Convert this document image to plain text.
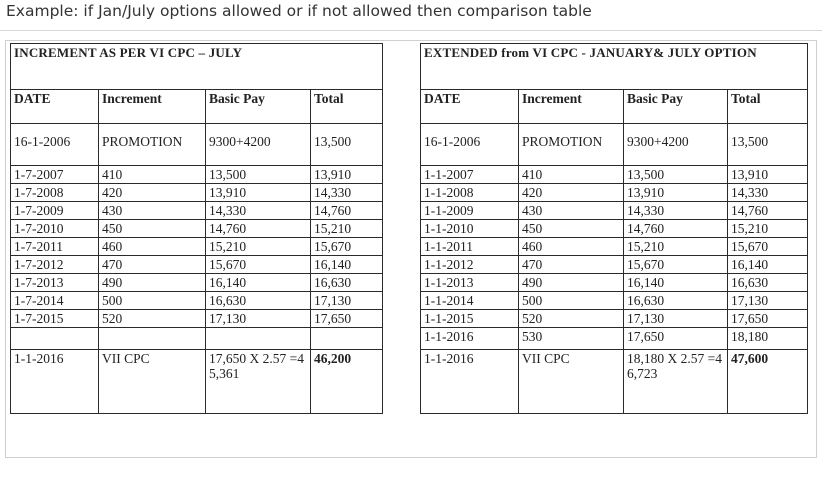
Example: if Jan/July options allowed or if not allowed then comparison table
INCREMENT AS PER VI CPC – JULY					EXTENDED from VI CPC - JANUARY& JULY OPTION			
DATE	Increment	Basic Pay	Total		DATE	Increment	Basic Pay	Total
16-1-2006	PROMOTION	9300+4200	13,500		16-1-2006	PROMOTION	9300+4200	13,500
1-7-2007	410	13,500	13,910		1-1-2007	410	13,500	13,910
1-7-2008	420	13,910	14,330		1-1-2008	420	13,910	14,330
1-7-2009	430	14,330	14,760		1-1-2009	430	14,330	14,760
1-7-2010	450	14,760	15,210		1-1-2010	450	14,760	15,210
1-7-2011	460	15,210	15,670		1-1-2011	460	15,210	15,670
1-7-2012	470	15,670	16,140		1-1-2012	470	15,670	16,140
1-7-2013	490	16,140	16,630		1-1-2013	490	16,140	16,630
1-7-2014	500	16,630	17,130		1-1-2014	500	16,630	17,130
1-7-2015	520	17,130	17,650		1-1-2015	520	17,130	17,650
					1-1-2016	530	17,650	18,180
1-1-2016	VII CPC	17,650 X 2.57 =45,361	46,200		1-1-2016	VII CPC	18,180 X 2.57 =46,723	47,600
